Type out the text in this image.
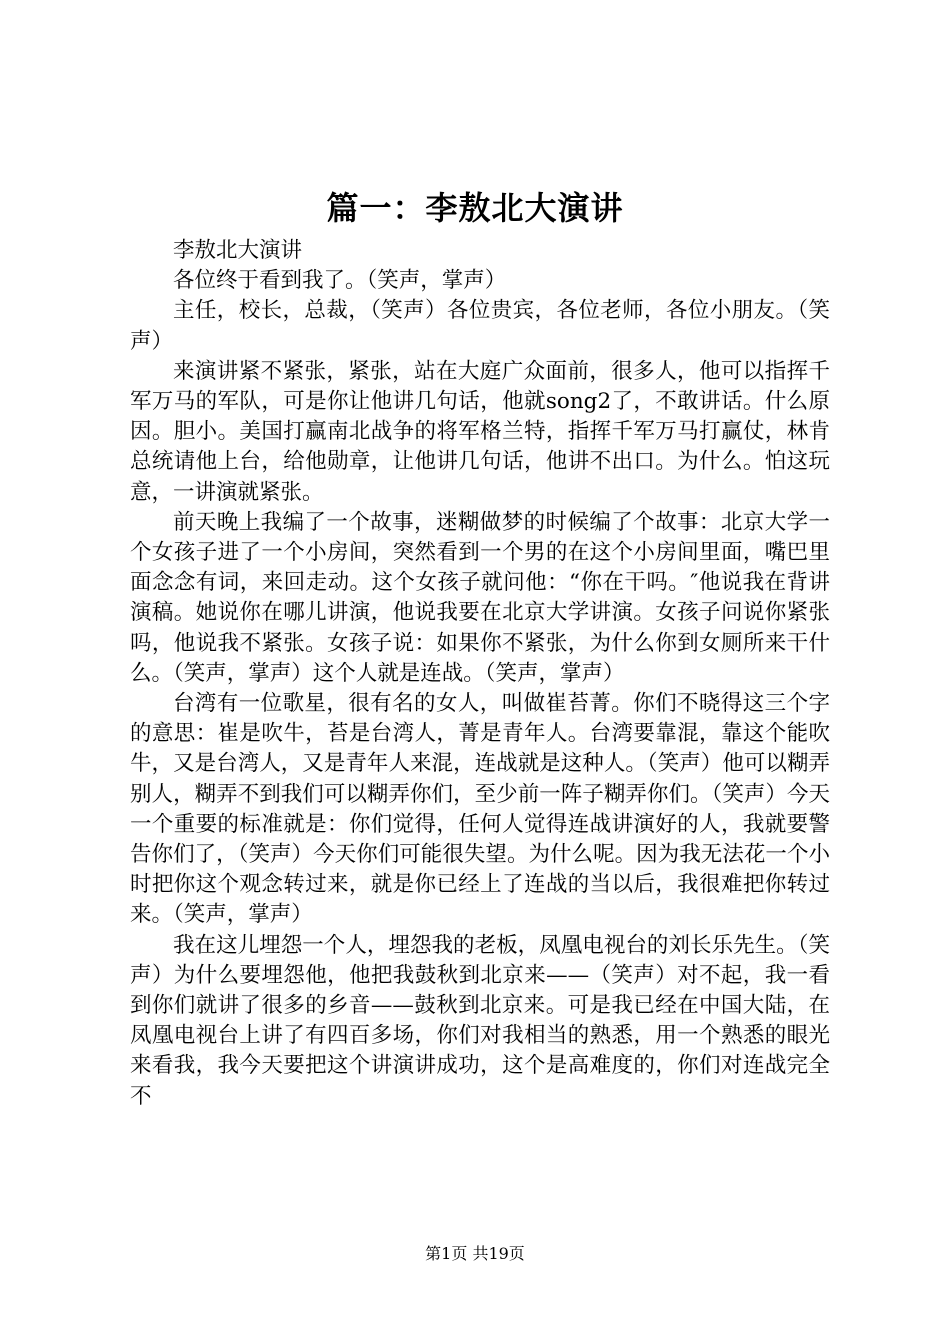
篇一：李敖北大演讲

李敖北大演讲

各位终于看到我了。（笑声，掌声）

主任，校长，总裁，（笑声）各位贵宾，各位老师，各位小朋友。（笑声）

来演讲紧不紧张，紧张，站在大庭广众面前，很多人，他可以指挥千军万马的军队，可是你让他讲几句话，他就song2了，不敢讲话。什么原因。胆小。美国打赢南北战争的将军格兰特，指挥千军万马打赢仗，林肯总统请他上台，给他勋章，让他讲几句话，他讲不出口。为什么。怕这玩意，一讲演就紧张。

前天晚上我编了一个故事，迷糊做梦的时候编了个故事：北京大学一个女孩子进了一个小房间，突然看到一个男的在这个小房间里面，嘴巴里面念念有词，来回走动。这个女孩子就问他：“你在干吗。″他说我在背讲演稿。她说你在哪儿讲演，他说我要在北京大学讲演。女孩子问说你紧张吗，他说我不紧张。女孩子说：如果你不紧张，为什么你到女厕所来干什么。（笑声，掌声）这个人就是连战。（笑声，掌声）

台湾有一位歌星，很有名的女人，叫做崔苔菁。你们不晓得这三个字的意思：崔是吹牛，苔是台湾人，菁是青年人。台湾要靠混，靠这个能吹牛，又是台湾人，又是青年人来混，连战就是这种人。（笑声）他可以糊弄别人，糊弄不到我们可以糊弄你们，至少前一阵子糊弄你们。（笑声）今天一个重要的标准就是：你们觉得，任何人觉得连战讲演好的人，我就要警告你们了，（笑声）今天你们可能很失望。为什么呢。因为我无法花一个小时把你这个观念转过来，就是你已经上了连战的当以后，我很难把你转过来。（笑声，掌声）

我在这儿埋怨一个人，埋怨我的老板，凤凰电视台的刘长乐先生。（笑声）为什么要埋怨他，他把我鼓秋到北京来——（笑声）对不起，我一看到你们就讲了很多的乡音——鼓秋到北京来。可是我已经在中国大陆，在凤凰电视台上讲了有四百多场，你们对我相当的熟悉，用一个熟悉的眼光来看我，我今天要把这个讲演讲成功，这个是高难度的，你们对连战完全不

第1页 共19页
